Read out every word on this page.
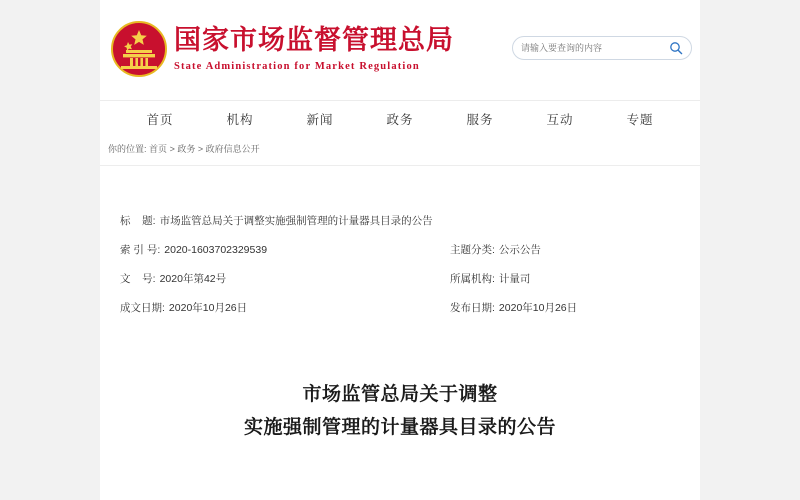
国家市场监督管理总局
State Administration for Market Regulation
请输入要查询的内容
首页	机构	新闻	政务	服务	互动	专题
你的位置: 首页 > 政务 > 政府信息公开
标    题: 市场监管总局关于调整实施强制管理的计量器具目录的公告
索 引 号: 2020-1603702329539	主题分类: 公示公告
文    号: 2020年第42号	所属机构: 计量司
成文日期: 2020年10月26日	发布日期: 2020年10月26日
市场监管总局关于调整
实施强制管理的计量器具目录的公告
